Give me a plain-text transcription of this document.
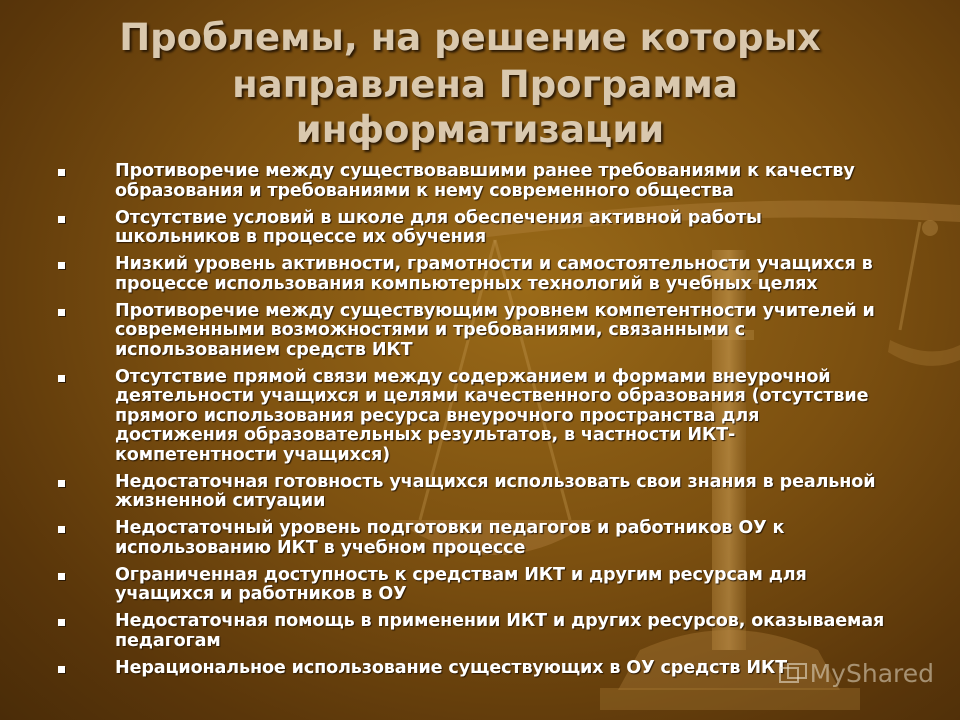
Проблемы, на решение которых
направлена Программа
информатизации
Противоречие между существовавшими ранее требованиями к качеству
образования и требованиями к нему современного общества
Отсутствие условий в школе для обеспечения активной работы
школьников в процессе их обучения
Низкий уровень активности, грамотности и самостоятельности учащихся в
процессе использования компьютерных технологий в учебных целях
Противоречие между существующим уровнем компетентности учителей и
современными возможностями и требованиями, связанными с
использованием средств ИКТ
Отсутствие прямой связи между содержанием и формами внеурочной
деятельности учащихся и целями качественного образования (отсутствие
прямого использования ресурса внеурочного пространства для
достижения образовательных результатов, в частности ИКТ-
компетентности учащихся)
Недостаточная готовность учащихся использовать свои знания в реальной
жизненной ситуации
Недостаточный уровень подготовки педагогов и работников ОУ к
использованию ИКТ в учебном процессе
Ограниченная доступность к средствам ИКТ и другим ресурсам для
учащихся и работников в ОУ
Недостаточная помощь в применении ИКТ и других ресурсов, оказываемая
педагогам
Нерациональное использование существующих в ОУ средств ИКТ MyShared
